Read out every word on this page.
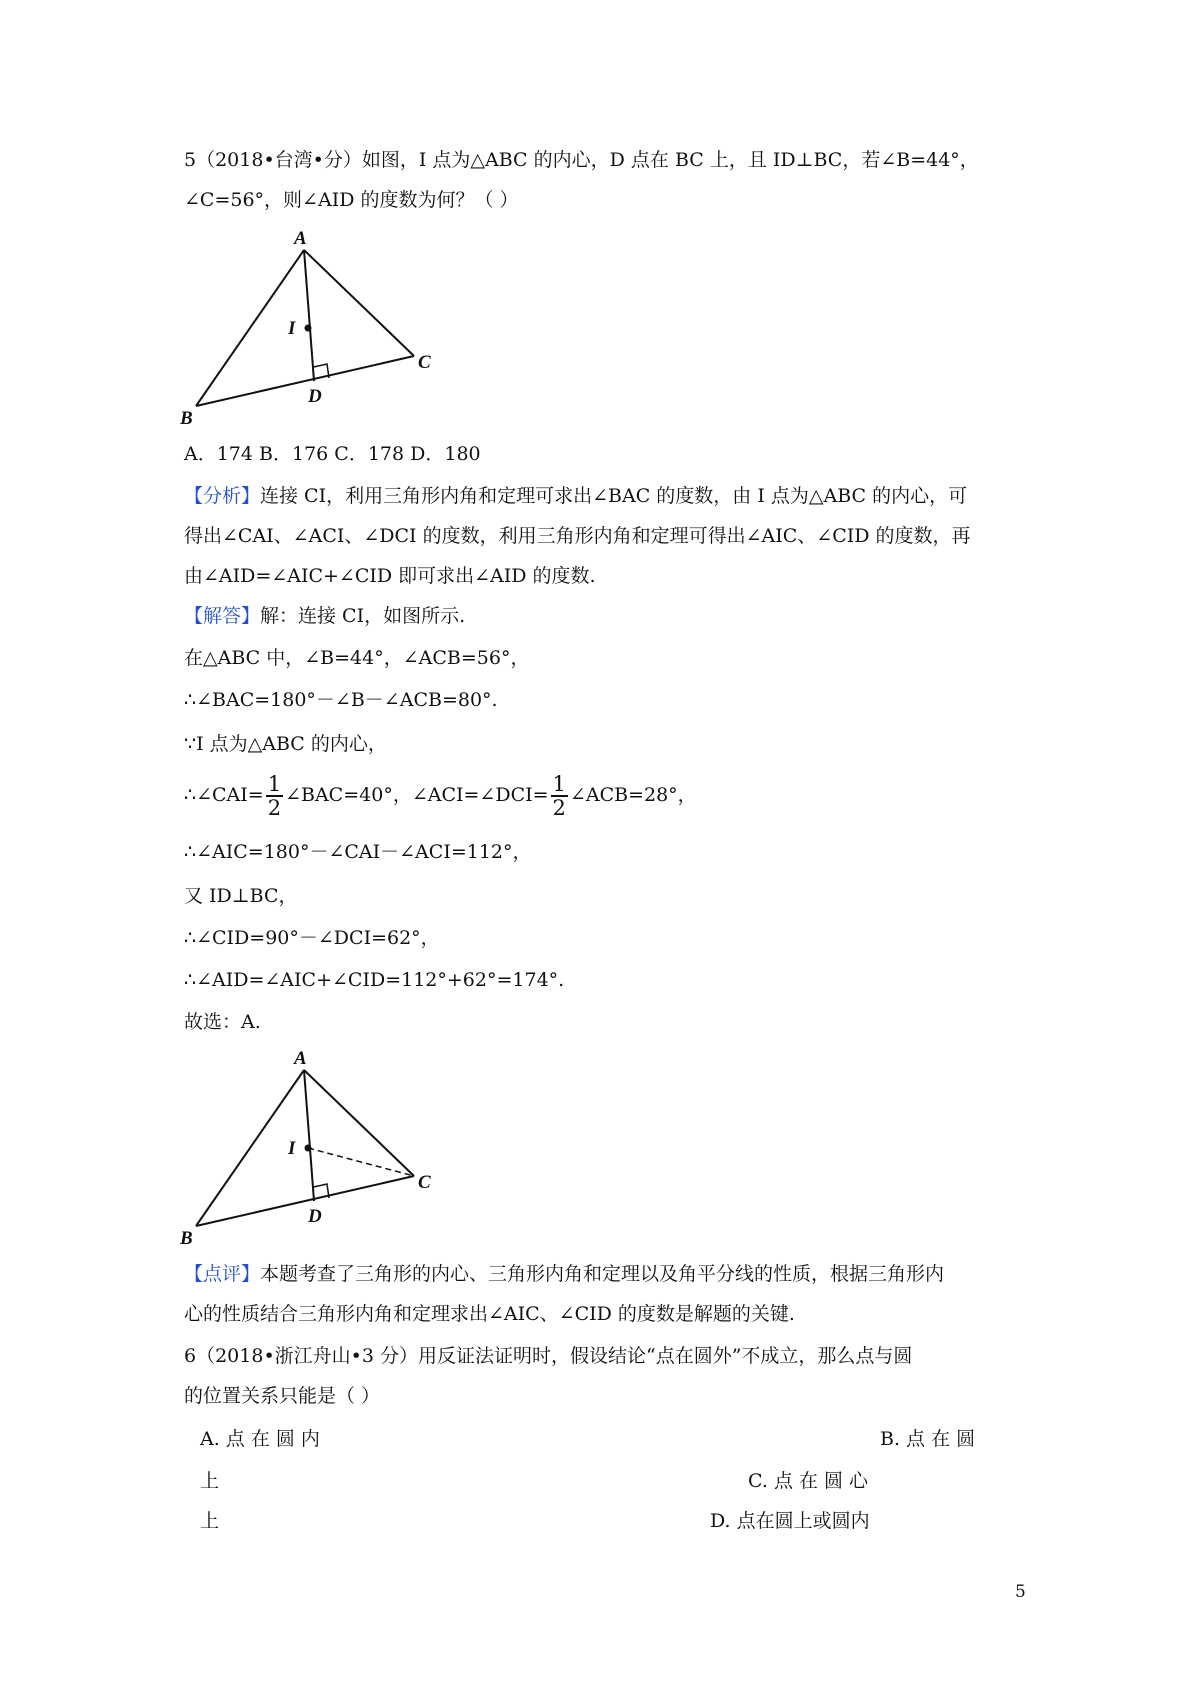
5（2018•台湾•分）如图，I 点为△ABC 的内心，D 点在 BC 上，且 ID⊥BC，若∠B=44°，
∠C=56°，则∠AID 的度数为何？（ ）
A
I
C
D
B
A．174 B．176 C．178 D．180
【分析】连接 CI，利用三角形内角和定理可求出∠BAC 的度数，由 I 点为△ABC 的内心，可
得出∠CAI、∠ACI、∠DCI 的度数，利用三角形内角和定理可得出∠AIC、∠CID 的度数，再
由∠AID=∠AIC+∠CID 即可求出∠AID 的度数.
【解答】解：连接 CI，如图所示.
在△ABC 中，∠B=44°，∠ACB=56°，
∴∠BAC=180°－∠B－∠ACB=80°.
∵I 点为△ABC 的内心，
∴∠CAI= $\frac{1}{2}$ ∠BAC=40°，∠ACI=∠DCI= $\frac{1}{2}$ ∠ACB=28°，
∴∠AIC=180°－∠CAI－∠ACI=112°，
又 ID⊥BC，
∴∠CID=90°－∠DCI=62°，
∴∠AID=∠AIC+∠CID=112°+62°=174°.
故选：A.
A
I
C
D
B
【点评】本题考查了三角形的内心、三角形内角和定理以及角平分线的性质，根据三角形内
心的性质结合三角形内角和定理求出∠AIC、∠CID 的度数是解题的关键.
6（2018•浙江舟山•3 分）用反证法证明时，假设结论“点在圆外”不成立，那么点与圆
的位置关系只能是（ ）
A. 点 在 圆 内	B. 点 在 圆
上	C. 点 在 圆 心
上	D. 点在圆上或圆内
5
